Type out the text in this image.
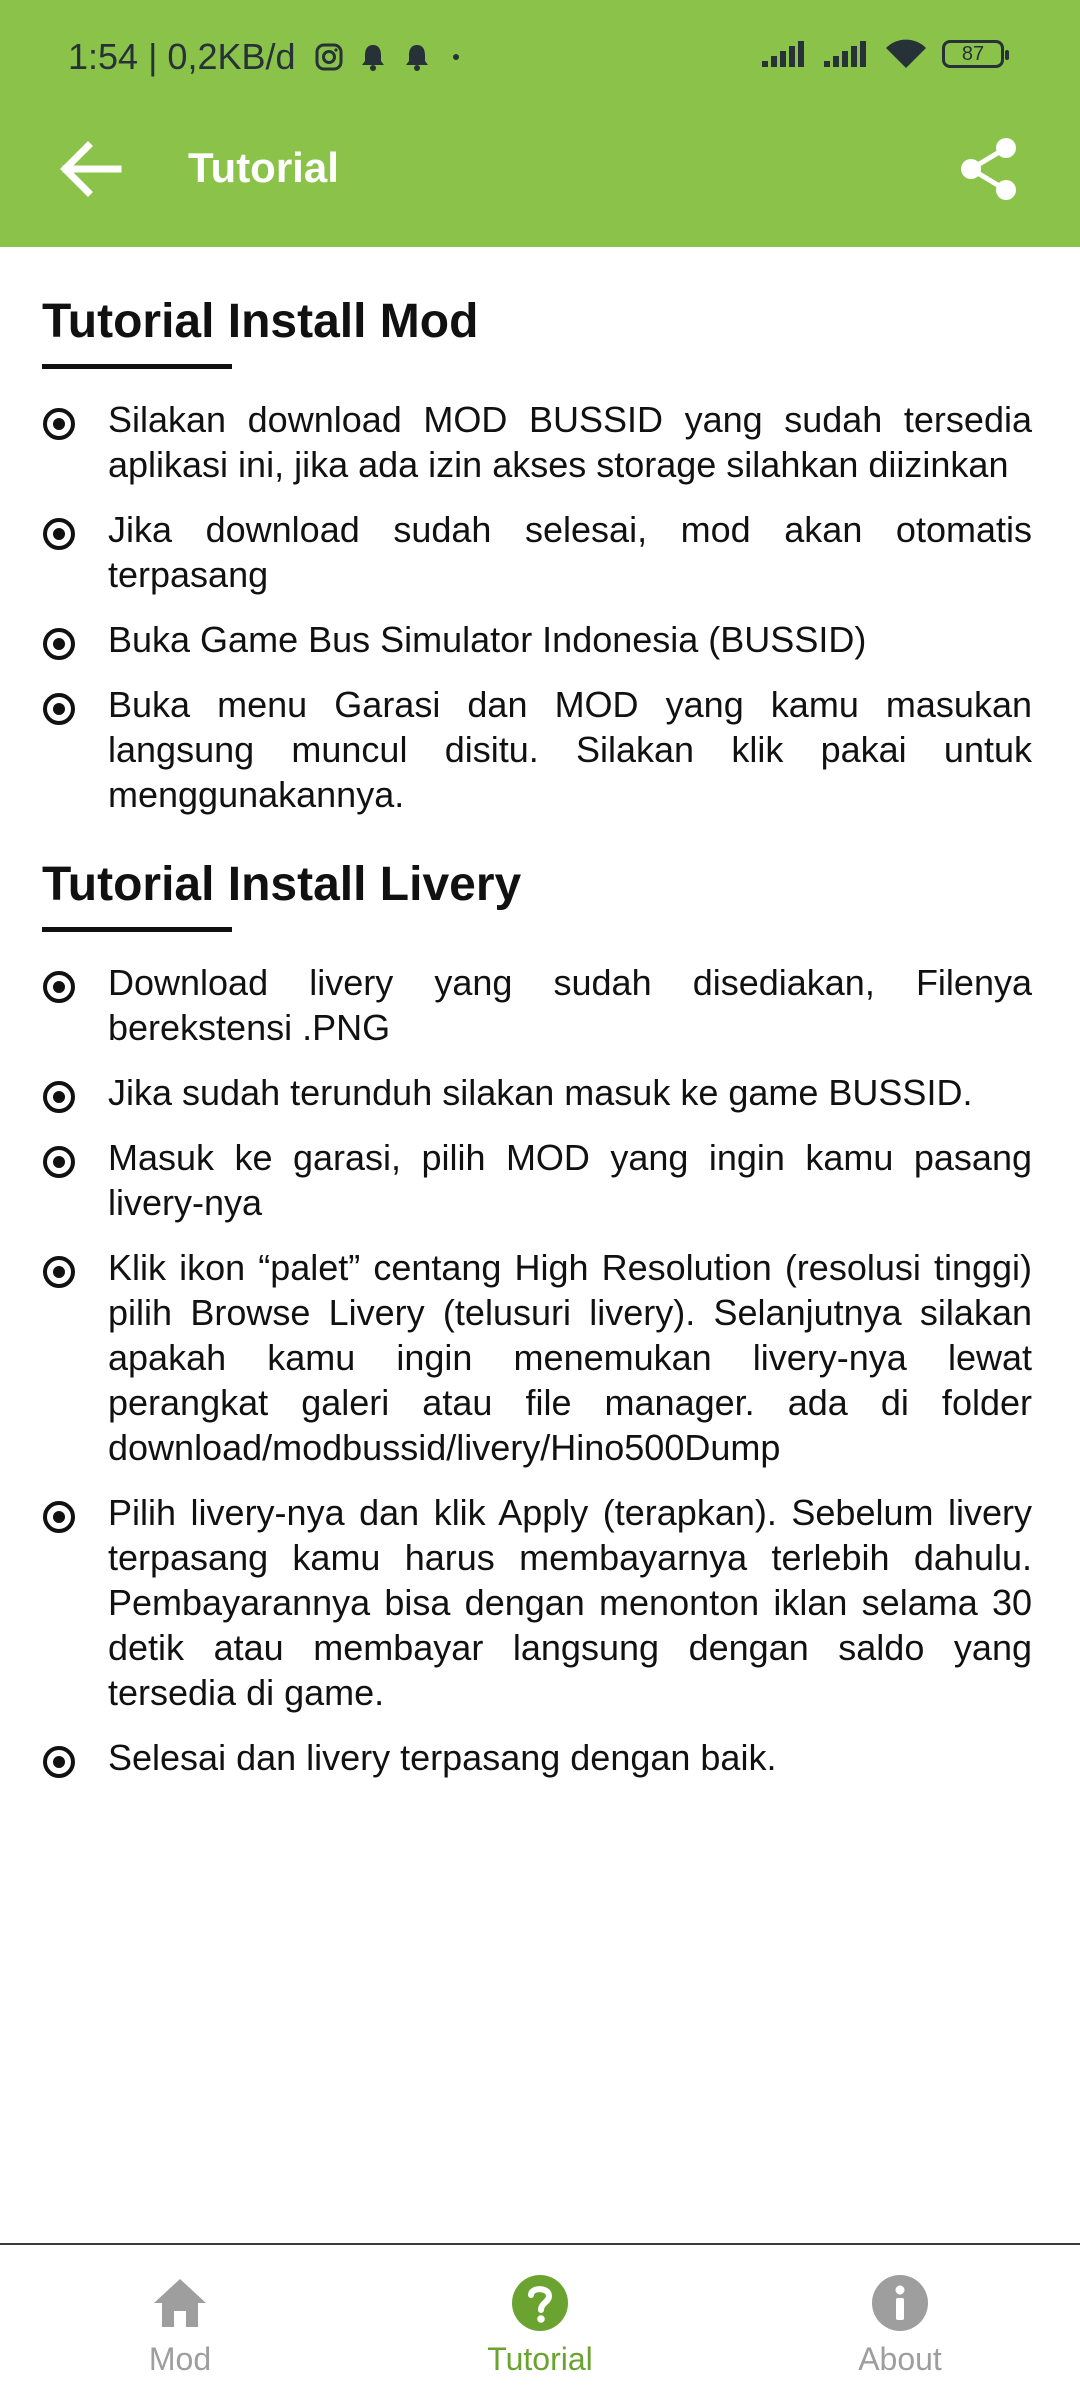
1:54 | 0,2KB/d	87
Tutorial
Tutorial Install Mod
Silakan download MOD BUSSID yang sudah tersedia aplikasi ini, jika ada izin akses storage silahkan diizinkan
Jika download sudah selesai, mod akan otomatis terpasang
Buka Game Bus Simulator Indonesia (BUSSID)
Buka menu Garasi dan MOD yang kamu masukan langsung muncul disitu. Silakan klik pakai untuk menggunakannya.
Tutorial Install Livery
Download livery yang sudah disediakan, Filenya berekstensi .PNG
Jika sudah terunduh silakan masuk ke game BUSSID.
Masuk ke garasi, pilih MOD yang ingin kamu pasang livery-nya
Klik ikon “palet” centang High Resolution (resolusi tinggi) pilih Browse Livery (telusuri livery). Selanjutnya silakan apakah kamu ingin menemukan livery-nya lewat perangkat galeri atau file manager. ada di folder download/modbussid/livery/Hino500Dump
Pilih livery-nya dan klik Apply (terapkan). Sebelum livery terpasang kamu harus membayarnya terlebih dahulu. Pembayarannya bisa dengan menonton iklan selama 30 detik atau membayar langsung dengan saldo yang tersedia di game.
Selesai dan livery terpasang dengan baik.
Mod	Tutorial	About
